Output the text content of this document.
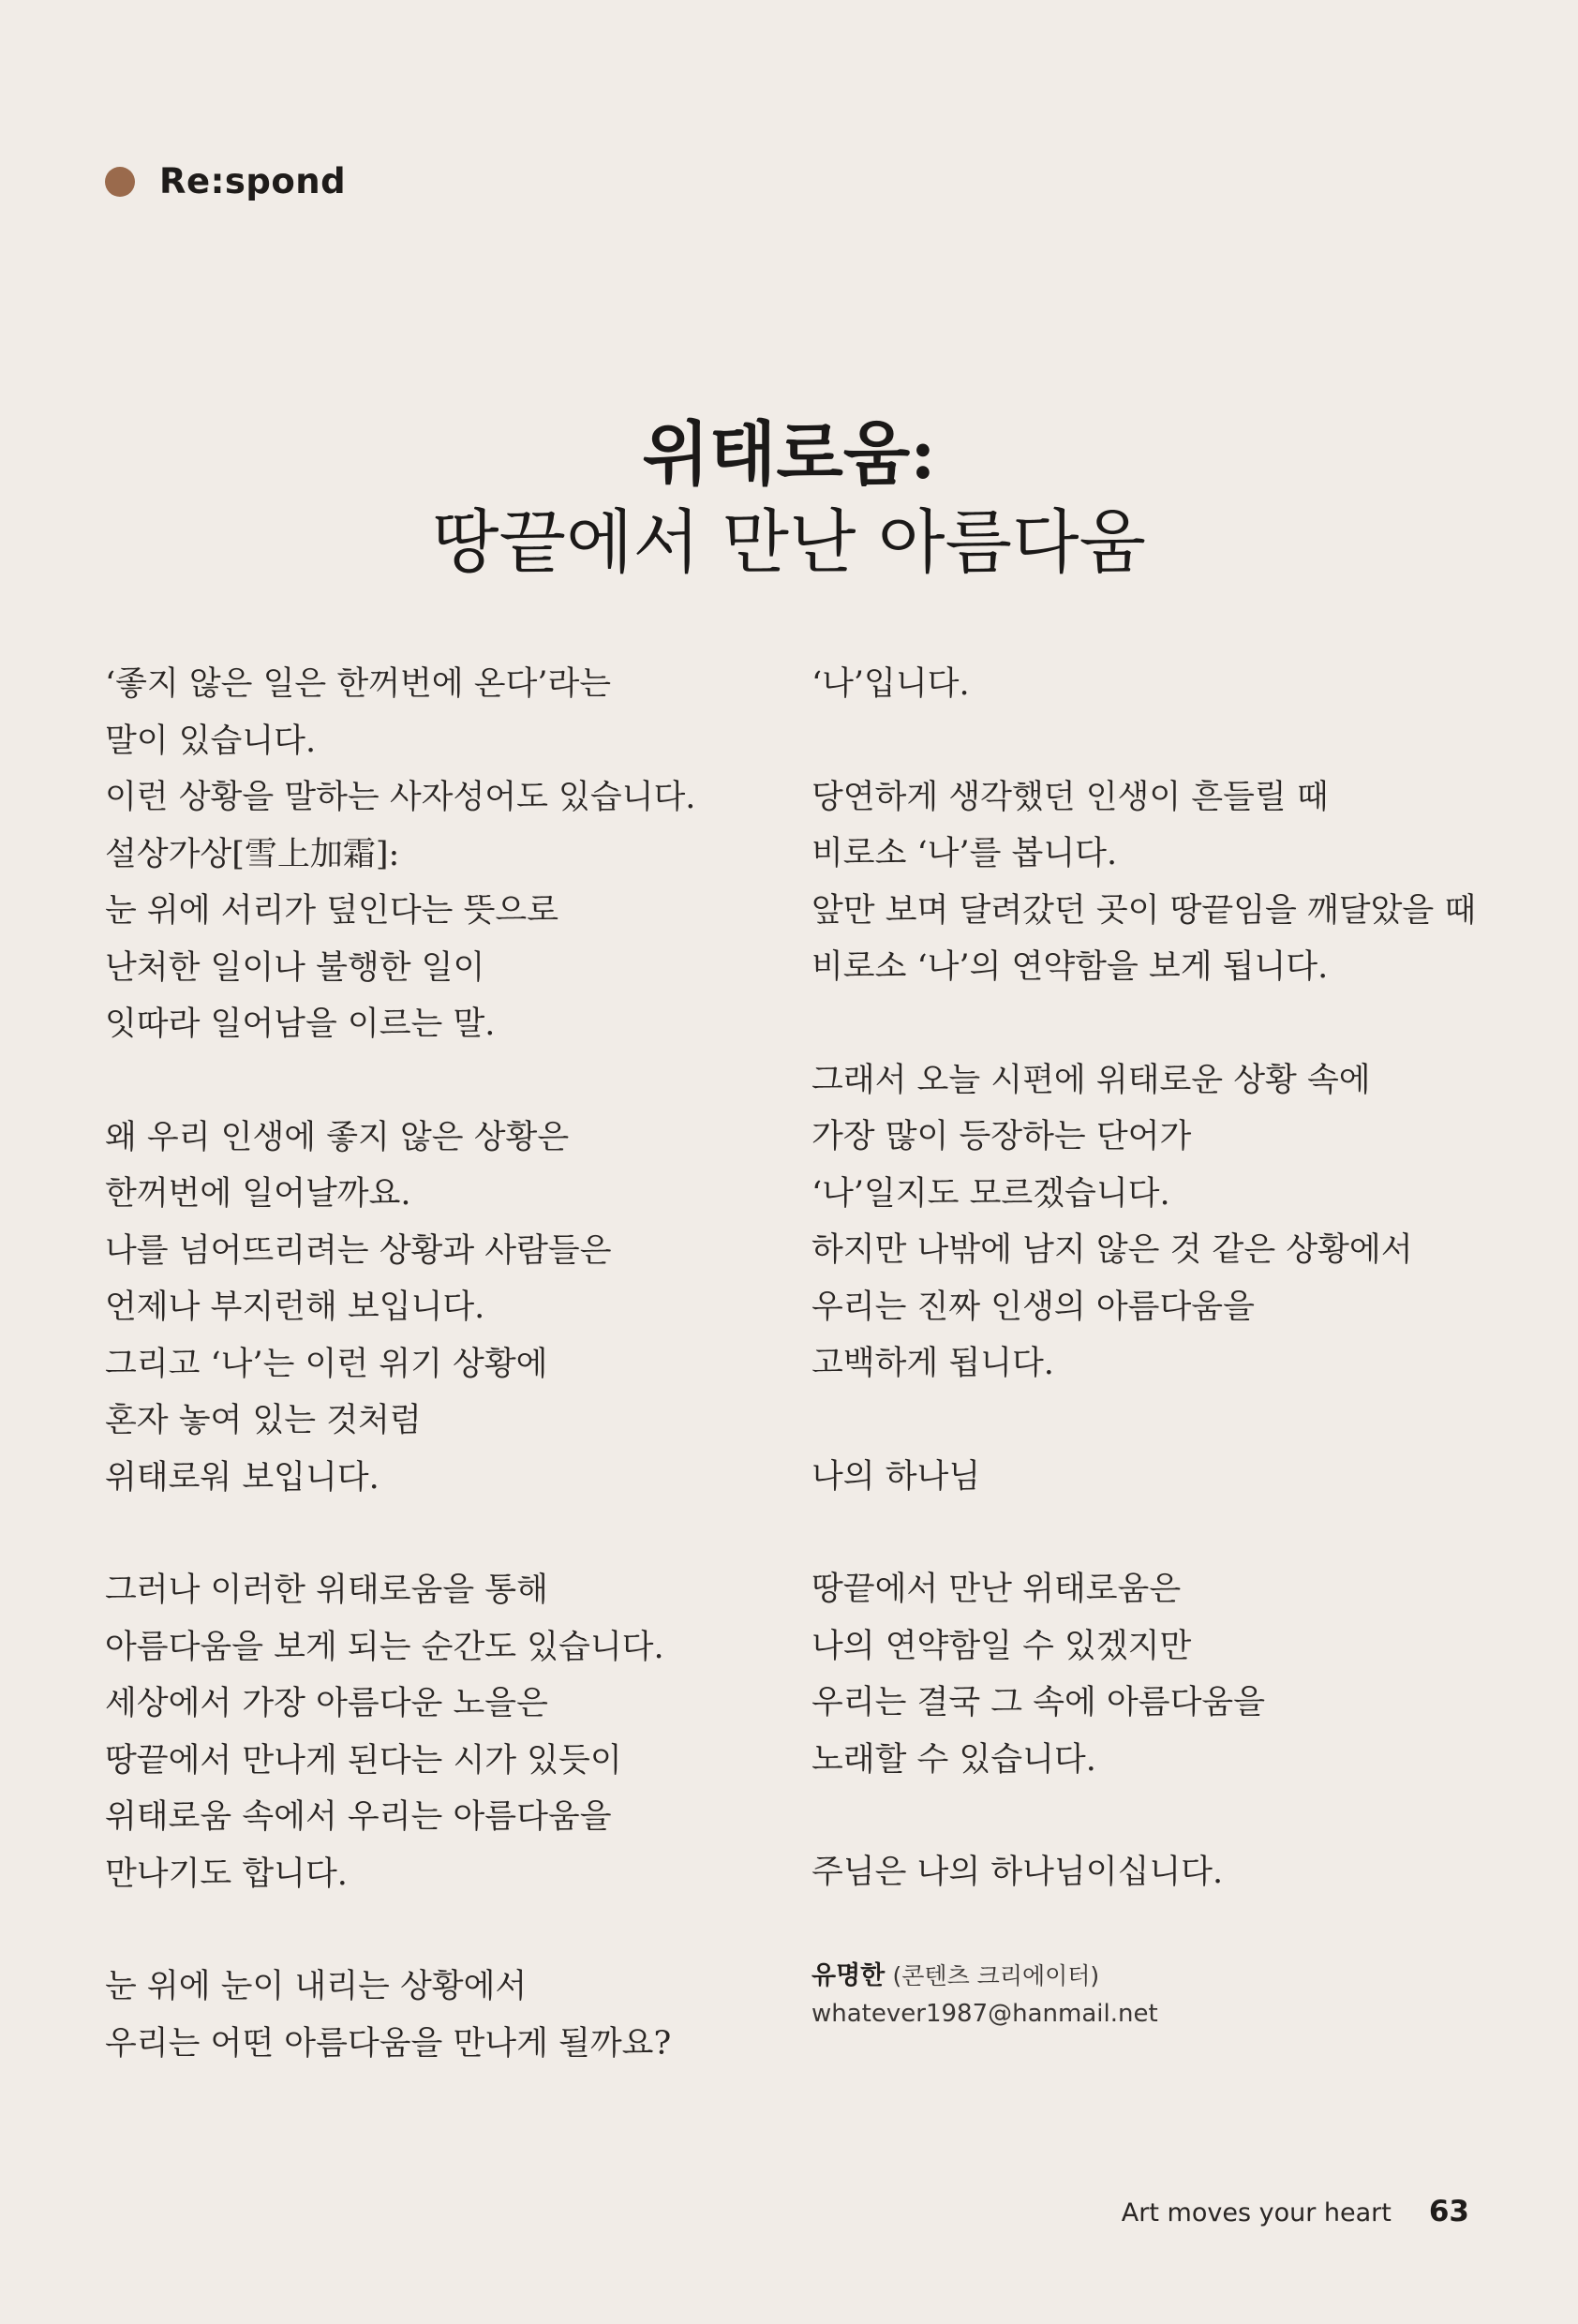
Re:spond
위태로움:
땅끝에서 만난 아름다움
‘좋지 않은 일은 한꺼번에 온다’라는
말이 있습니다.
이런 상황을 말하는 사자성어도 있습니다.
설상가상[雪上加霜]:
눈 위에 서리가 덮인다는 뜻으로
난처한 일이나 불행한 일이
잇따라 일어남을 이르는 말.
왜 우리 인생에 좋지 않은 상황은
한꺼번에 일어날까요.
나를 넘어뜨리려는 상황과 사람들은
언제나 부지런해 보입니다.
그리고 ‘나’는 이런 위기 상황에
혼자 놓여 있는 것처럼
위태로워 보입니다.
그러나 이러한 위태로움을 통해
아름다움을 보게 되는 순간도 있습니다.
세상에서 가장 아름다운 노을은
땅끝에서 만나게 된다는 시가 있듯이
위태로움 속에서 우리는 아름다움을
만나기도 합니다.
눈 위에 눈이 내리는 상황에서
우리는 어떤 아름다움을 만나게 될까요?
‘나’입니다.
당연하게 생각했던 인생이 흔들릴 때
비로소 ‘나’를 봅니다.
앞만 보며 달려갔던 곳이 땅끝임을 깨달았을 때
비로소 ‘나’의 연약함을 보게 됩니다.
그래서 오늘 시편에 위태로운 상황 속에
가장 많이 등장하는 단어가
‘나’일지도 모르겠습니다.
하지만 나밖에 남지 않은 것 같은 상황에서
우리는 진짜 인생의 아름다움을
고백하게 됩니다.
나의 하나님
땅끝에서 만난 위태로움은
나의 연약함일 수 있겠지만
우리는 결국 그 속에 아름다움을
노래할 수 있습니다.
주님은 나의 하나님이십니다.
유명한 (콘텐츠 크리에이터)
whatever1987@hanmail.net
Art moves your heart 63
